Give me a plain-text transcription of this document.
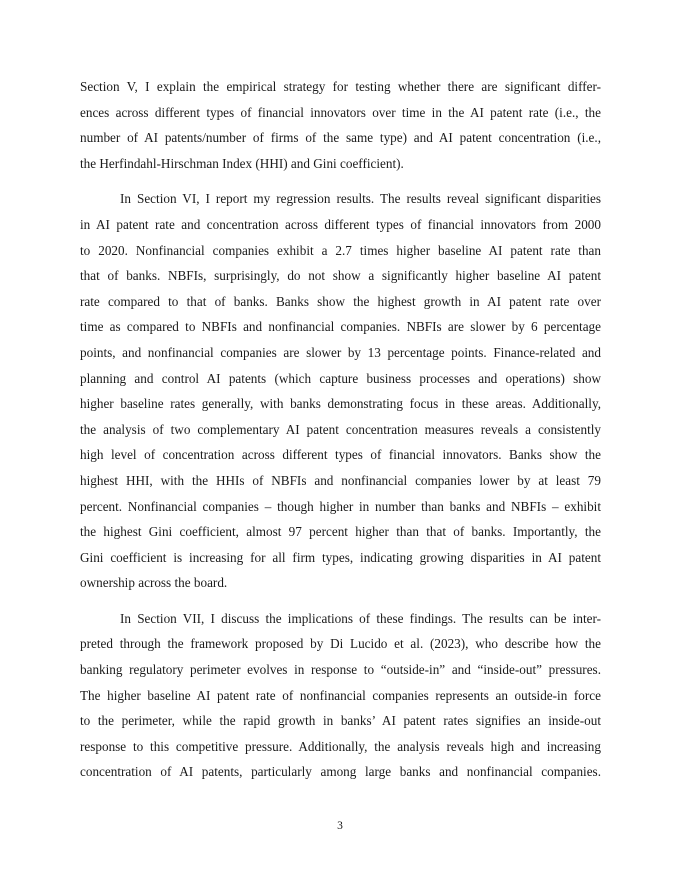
Section V, I explain the empirical strategy for testing whether there are significant differ-
ences across different types of financial innovators over time in the AI patent rate (i.e., the
number of AI patents/number of firms of the same type) and AI patent concentration (i.e.,
the Herfindahl-Hirschman Index (HHI) and Gini coefficient).

In Section VI, I report my regression results. The results reveal significant disparities
in AI patent rate and concentration across different types of financial innovators from 2000
to 2020. Nonfinancial companies exhibit a 2.7 times higher baseline AI patent rate than
that of banks. NBFIs, surprisingly, do not show a significantly higher baseline AI patent
rate compared to that of banks. Banks show the highest growth in AI patent rate over
time as compared to NBFIs and nonfinancial companies. NBFIs are slower by 6 percentage
points, and nonfinancial companies are slower by 13 percentage points. Finance-related and
planning and control AI patents (which capture business processes and operations) show
higher baseline rates generally, with banks demonstrating focus in these areas. Additionally,
the analysis of two complementary AI patent concentration measures reveals a consistently
high level of concentration across different types of financial innovators. Banks show the
highest HHI, with the HHIs of NBFIs and nonfinancial companies lower by at least 79
percent. Nonfinancial companies – though higher in number than banks and NBFIs – exhibit
the highest Gini coefficient, almost 97 percent higher than that of banks. Importantly, the
Gini coefficient is increasing for all firm types, indicating growing disparities in AI patent
ownership across the board.

In Section VII, I discuss the implications of these findings. The results can be inter-
preted through the framework proposed by Di Lucido et al. (2023), who describe how the
banking regulatory perimeter evolves in response to “outside-in” and “inside-out” pressures.
The higher baseline AI patent rate of nonfinancial companies represents an outside-in force
to the perimeter, while the rapid growth in banks’ AI patent rates signifies an inside-out
response to this competitive pressure. Additionally, the analysis reveals high and increasing
concentration of AI patents, particularly among large banks and nonfinancial companies.

3
